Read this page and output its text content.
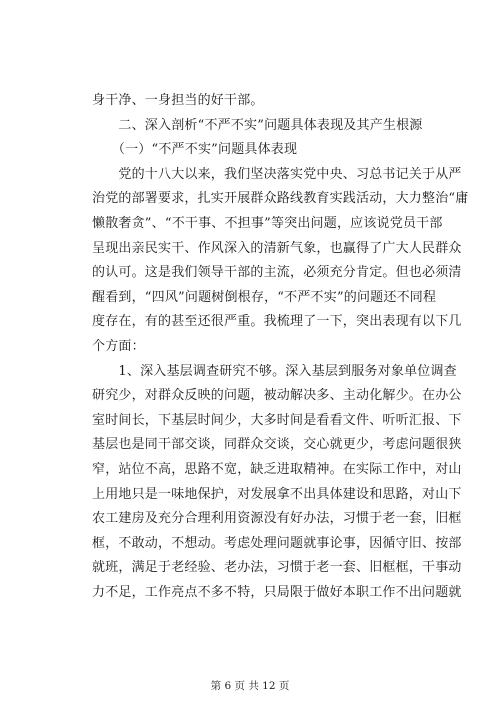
身干净、一身担当的好干部。

　　二、深入剖析“不严不实”问题具体表现及其产生根源

　　（一）“不严不实”问题具体表现

　　党的十八大以来，我们坚决落实党中央、习总书记关于从严
治党的部署要求，扎实开展群众路线教育实践活动，大力整治“庸
懒散奢贪”、“不干事、不担事”等突出问题，应该说党员干部
呈现出亲民实干、作风深入的清新气象，也赢得了广大人民群众
的认可。这是我们领导干部的主流，必须充分肯定。但也必须清
醒看到，“四风”问题树倒根存，“不严不实”的问题还不同程
度存在，有的甚至还很严重。我梳理了一下，突出表现有以下几
个方面：

　　1、深入基层调查研究不够。深入基层到服务对象单位调查
研究少，对群众反映的问题，被动解决多、主动化解少。在办公
室时间长，下基层时间少，大多时间是看看文件、听听汇报、下
基层也是同干部交谈，同群众交谈，交心就更少，考虑问题很狭
窄，站位不高，思路不宽，缺乏进取精神。在实际工作中，对山
上用地只是一味地保护，对发展拿不出具体建设和思路，对山下
农工建房及充分合理利用资源没有好办法，习惯于老一套，旧框
框，不敢动，不想动。考虑处理问题就事论事，因循守旧、按部
就班，满足于老经验、老办法，习惯于老一套、旧框框，干事动
力不足，工作亮点不多不特，只局限于做好本职工作不出问题就

第 6 页 共 12 页
